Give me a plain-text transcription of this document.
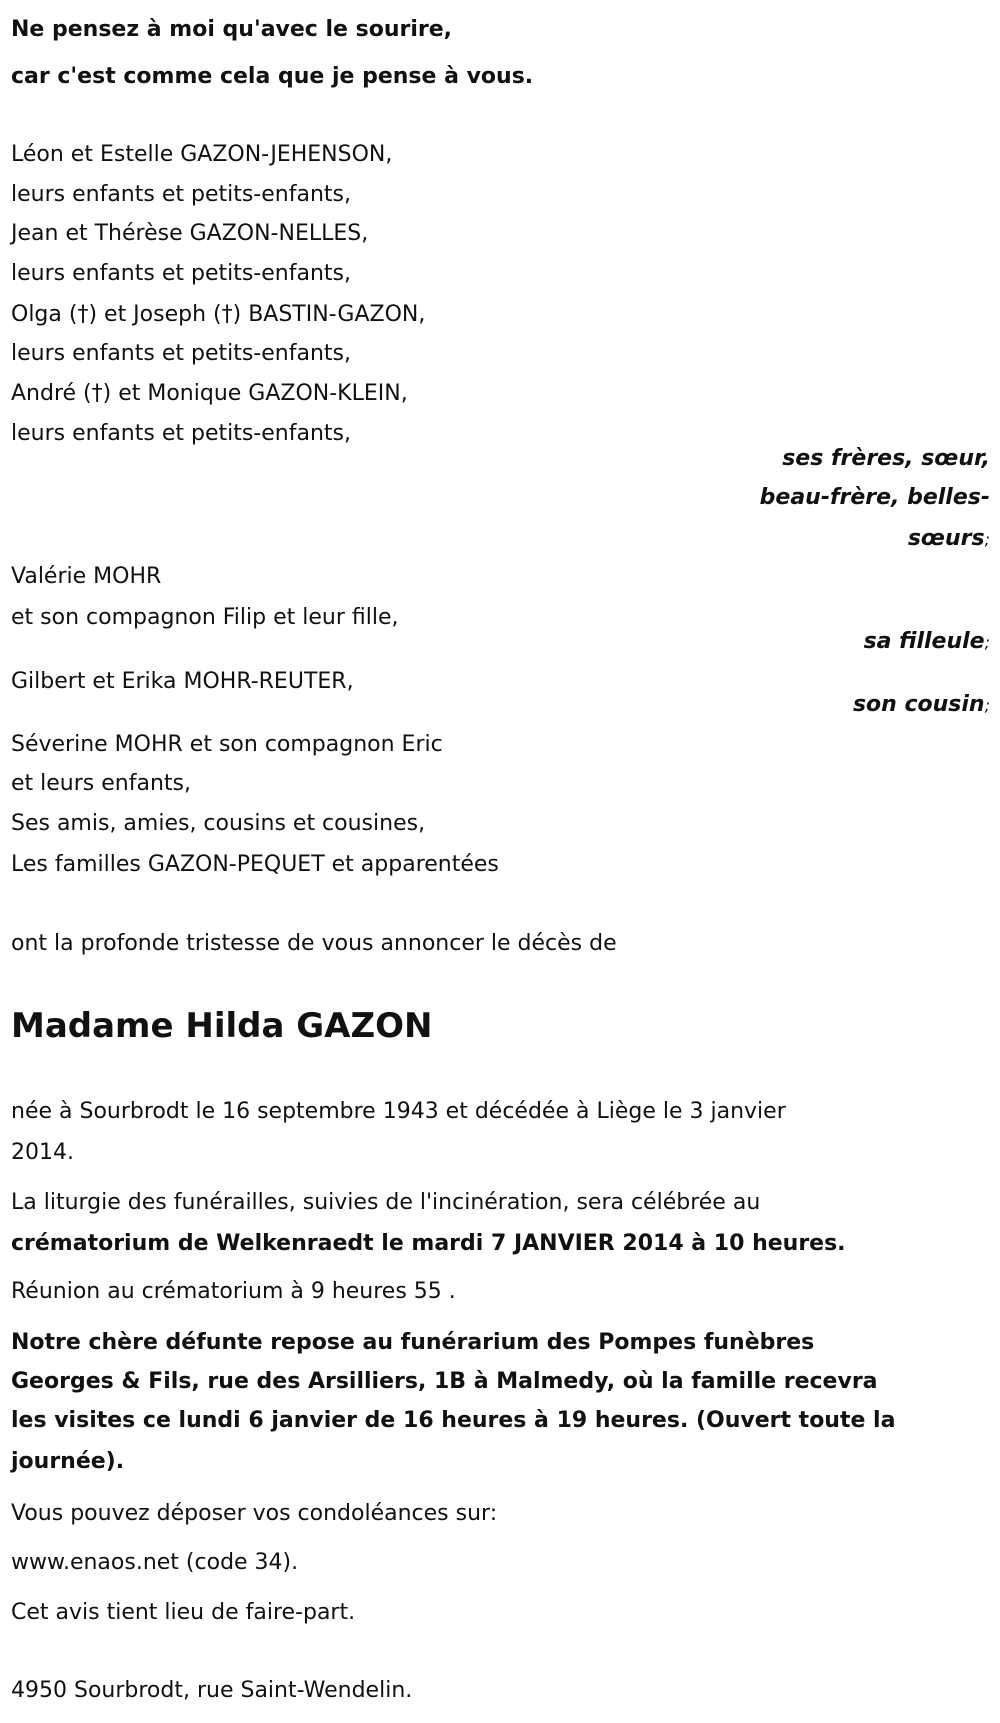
Ne pensez à moi qu'avec le sourire,
car c'est comme cela que je pense à vous.
Léon et Estelle GAZON-JEHENSON,
leurs enfants et petits-enfants,
Jean et Thérèse GAZON-NELLES,
leurs enfants et petits-enfants,
Olga (†) et Joseph (†) BASTIN-GAZON,
leurs enfants et petits-enfants,
André (†) et Monique GAZON-KLEIN,
leurs enfants et petits-enfants,
ses frères, sœur,
beau-frère, belles-
sœurs;
Valérie MOHR
et son compagnon Filip et leur fille,
sa filleule;
Gilbert et Erika MOHR-REUTER,
son cousin;
Séverine MOHR et son compagnon Eric
et leurs enfants,
Ses amis, amies, cousins et cousines,
Les familles GAZON-PEQUET et apparentées
ont la profonde tristesse de vous annoncer le décès de
Madame Hilda GAZON
née à Sourbrodt le 16 septembre 1943 et décédée à Liège le 3 janvier
2014.
La liturgie des funérailles, suivies de l'incinération, sera célébrée au
crématorium de Welkenraedt le mardi 7 JANVIER 2014 à 10 heures.
Réunion au crématorium à 9 heures 55 .
Notre chère défunte repose au funérarium des Pompes funèbres
Georges & Fils, rue des Arsilliers, 1B à Malmedy, où la famille recevra
les visites ce lundi 6 janvier de 16 heures à 19 heures. (Ouvert toute la
journée).
Vous pouvez déposer vos condoléances sur:
www.enaos.net (code 34).
Cet avis tient lieu de faire-part.
4950 Sourbrodt, rue Saint-Wendelin.
